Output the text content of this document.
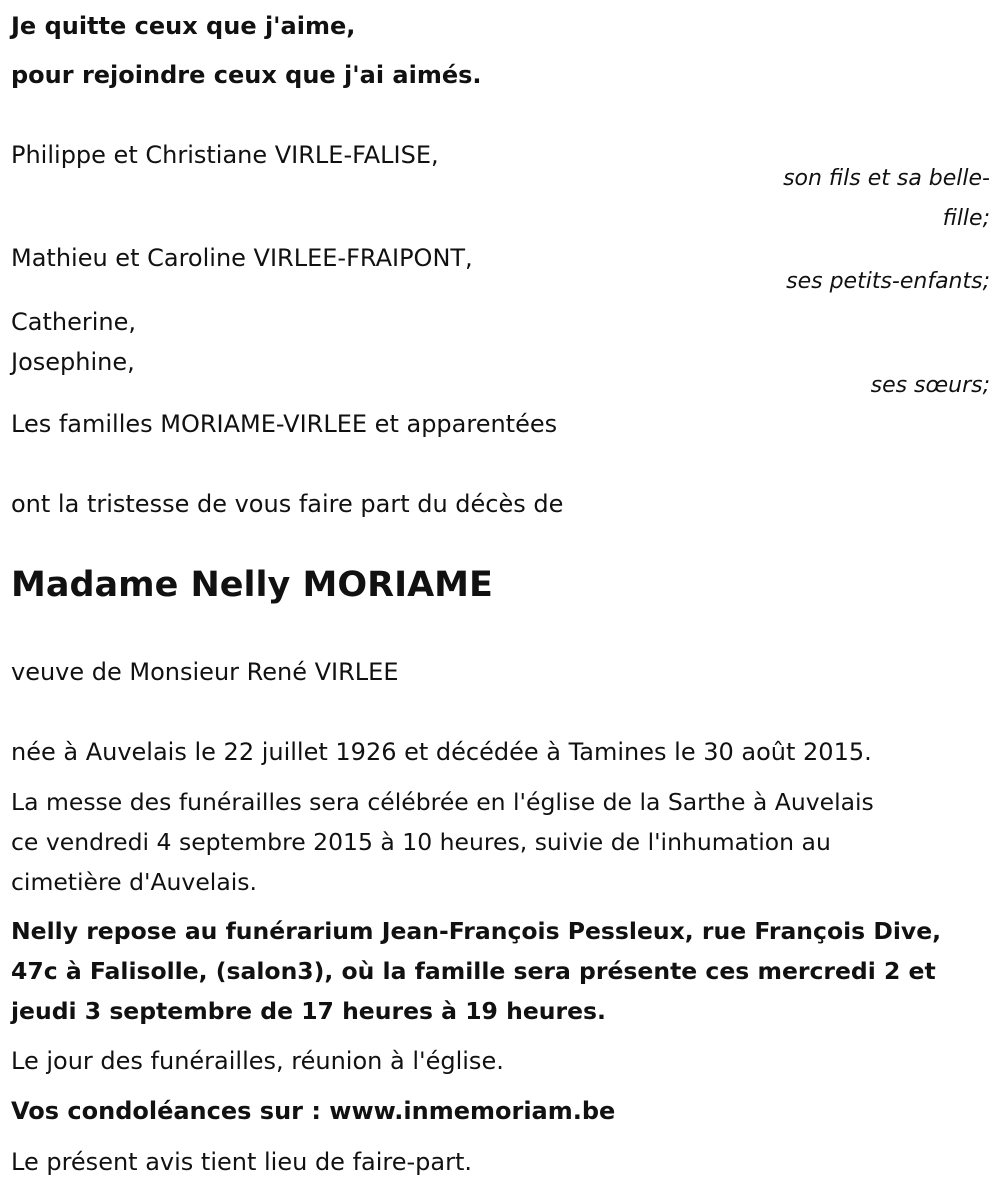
Je quitte ceux que j'aime,
pour rejoindre ceux que j'ai aimés.
Philippe et Christiane VIRLE-FALISE,
son fils et sa belle-
fille;
Mathieu et Caroline VIRLEE-FRAIPONT,
ses petits-enfants;
Catherine,
Josephine,
ses sœurs;
Les familles MORIAME-VIRLEE et apparentées
ont la tristesse de vous faire part du décès de
Madame Nelly MORIAME
veuve de Monsieur René VIRLEE
née à Auvelais le 22 juillet 1926 et décédée à Tamines le 30 août 2015.
La messe des funérailles sera célébrée en l'église de la Sarthe à Auvelais
ce vendredi 4 septembre 2015 à 10 heures, suivie de l'inhumation au
cimetière d'Auvelais.
Nelly repose au funérarium Jean-François Pessleux, rue François Dive,
47c à Falisolle, (salon3), où la famille sera présente ces mercredi 2 et
jeudi 3 septembre de 17 heures à 19 heures.
Le jour des funérailles, réunion à l'église.
Vos condoléances sur : www.inmemoriam.be
Le présent avis tient lieu de faire-part.
